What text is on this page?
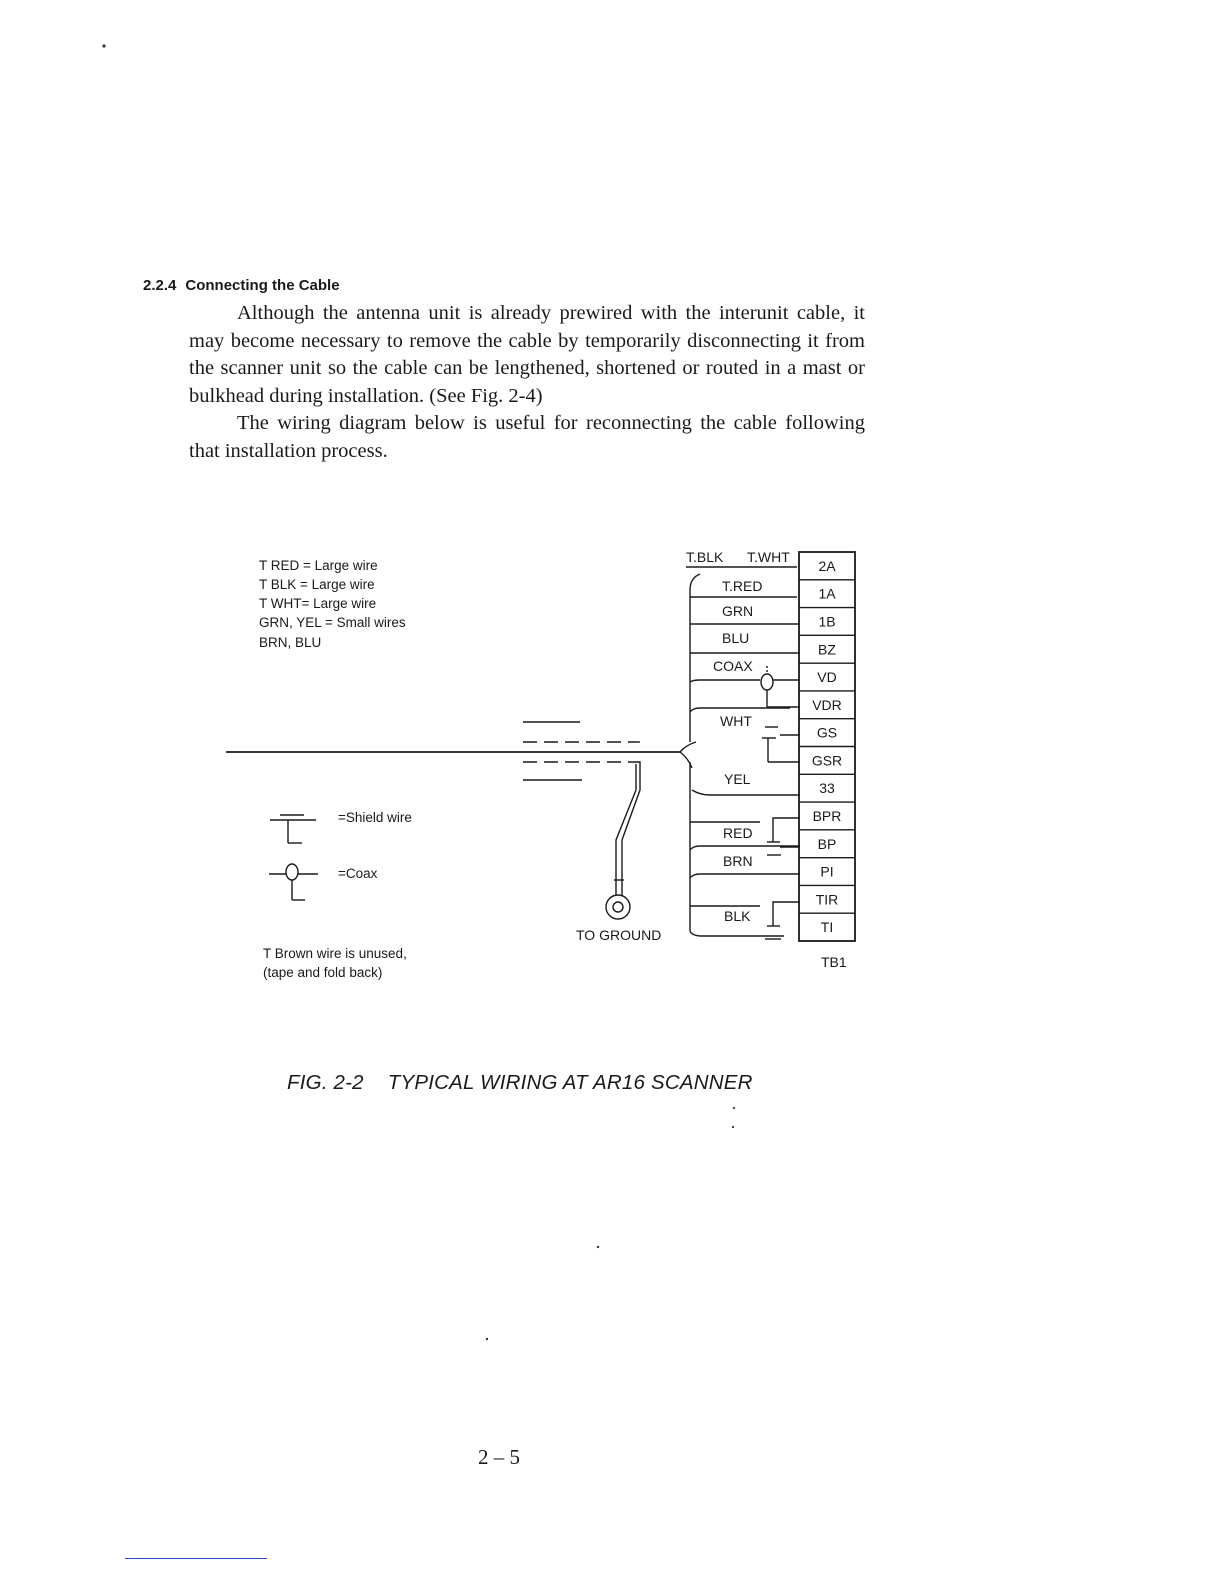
2.2.4 Connecting the Cable

Although the antenna unit is already prewired with the interunit cable, it may become necessary to remove the cable by temporarily disconnecting it from the scanner unit so the cable can be lengthened, shortened or routed in a mast or bulkhead during installation. (See Fig. 2-4)

The wiring diagram below is useful for reconnecting the cable following that installation process.

T RED = Large wire
T BLK = Large wire
T WHT= Large wire
GRN, YEL = Small wires
BRN, BLU
=Shield wire
=Coax
T Brown wire is unused,
(tape and fold back)
TO GROUND
T.BLK T.WHT
T.RED
GRN
BLU
COAX
WHT
YEL
RED
BRN
BLK
2A
1A
1B
BZ
VD
VDR
GS
GSR
33
BPR
BP
PI
TIR
TI
TB1
FIG. 2-2 TYPICAL WIRING AT AR16 SCANNER
2 – 5
